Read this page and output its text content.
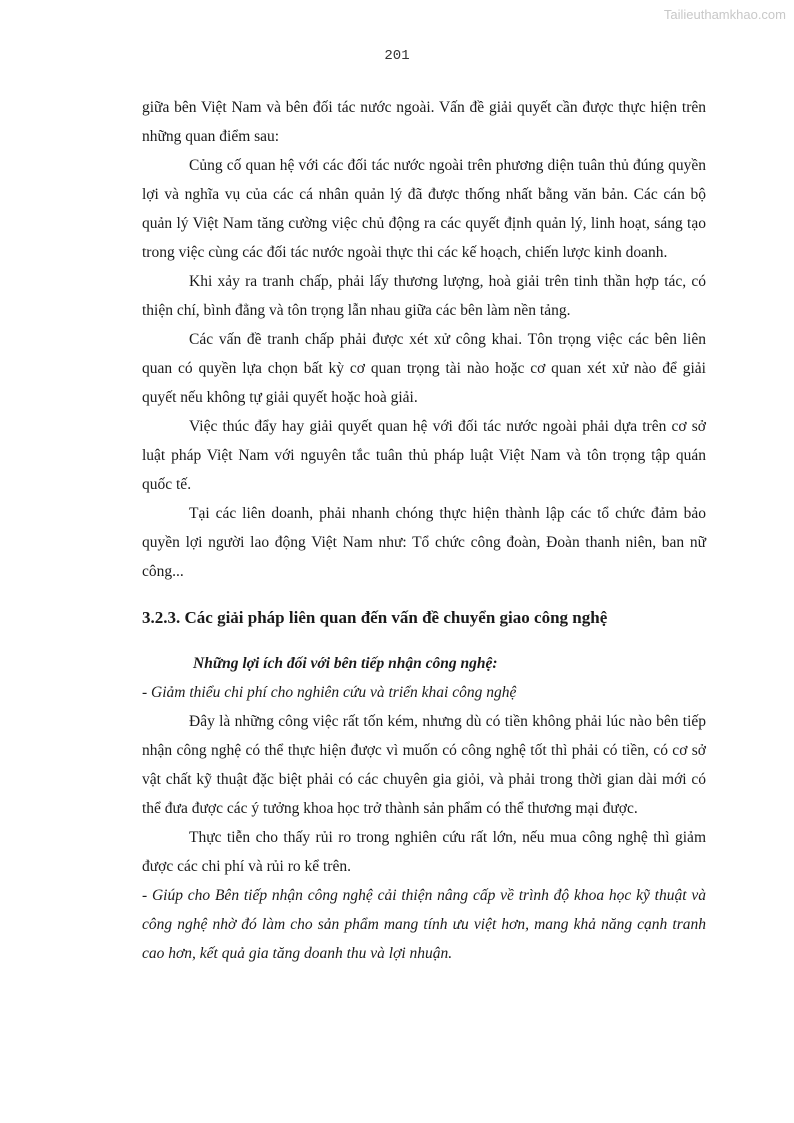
Tailieuthamkhao.com
201

giữa bên Việt Nam và bên đối tác nước ngoài. Vấn đề giải quyết cần được thực hiện trên những quan điểm sau:

Củng cố quan hệ với các đối tác nước ngoài trên phương diện tuân thủ đúng quyền lợi và nghĩa vụ của các cá nhân quản lý đã được thống nhất bằng văn bản. Các cán bộ quản lý Việt Nam tăng cường việc chủ động ra các quyết định quản lý, linh hoạt, sáng tạo trong việc cùng các đối tác nước ngoài thực thi các kế hoạch, chiến lược kinh doanh.

Khi xảy ra tranh chấp, phải lấy thương lượng, hoà giải trên tinh thần hợp tác, có thiện chí, bình đẳng và tôn trọng lẫn nhau giữa các bên làm nền tảng.

Các vấn đề tranh chấp phải được xét xử công khai. Tôn trọng việc các bên liên quan có quyền lựa chọn bất kỳ cơ quan trọng tài nào hoặc cơ quan xét xử nào để giải quyết nếu không tự giải quyết hoặc hoà giải.

Việc thúc đẩy hay giải quyết quan hệ với đối tác nước ngoài phải dựa trên cơ sở luật pháp Việt Nam với nguyên tắc tuân thủ pháp luật Việt Nam và tôn trọng tập quán quốc tế.

Tại các liên doanh, phải nhanh chóng thực hiện thành lập các tổ chức đảm bảo quyền lợi người lao động Việt Nam như: Tổ chức công đoàn, Đoàn thanh niên, ban nữ công...

3.2.3. Các giải pháp liên quan đến vấn đề chuyển giao công nghệ

Những lợi ích đối với bên tiếp nhận công nghệ:

- Giảm thiểu chi phí cho nghiên cứu và triển khai công nghệ

Đây là những công việc rất tốn kém, nhưng dù có tiền không phải lúc nào bên tiếp nhận công nghệ có thể thực hiện được vì muốn có công nghệ tốt thì phải có tiền, có cơ sở vật chất kỹ thuật đặc biệt phải có các chuyên gia giỏi, và phải trong thời gian dài mới có thể đưa được các ý tưởng khoa học trở thành sản phẩm có thể thương mại được.

Thực tiễn cho thấy rủi ro trong nghiên cứu rất lớn, nếu mua công nghệ thì giảm được các chi phí và rủi ro kể trên.

- Giúp cho Bên tiếp nhận công nghệ cải thiện nâng cấp về trình độ khoa học kỹ thuật và công nghệ nhờ đó làm cho sản phẩm mang tính ưu việt hơn, mang khả năng cạnh tranh cao hơn, kết quả gia tăng doanh thu và lợi nhuận.
